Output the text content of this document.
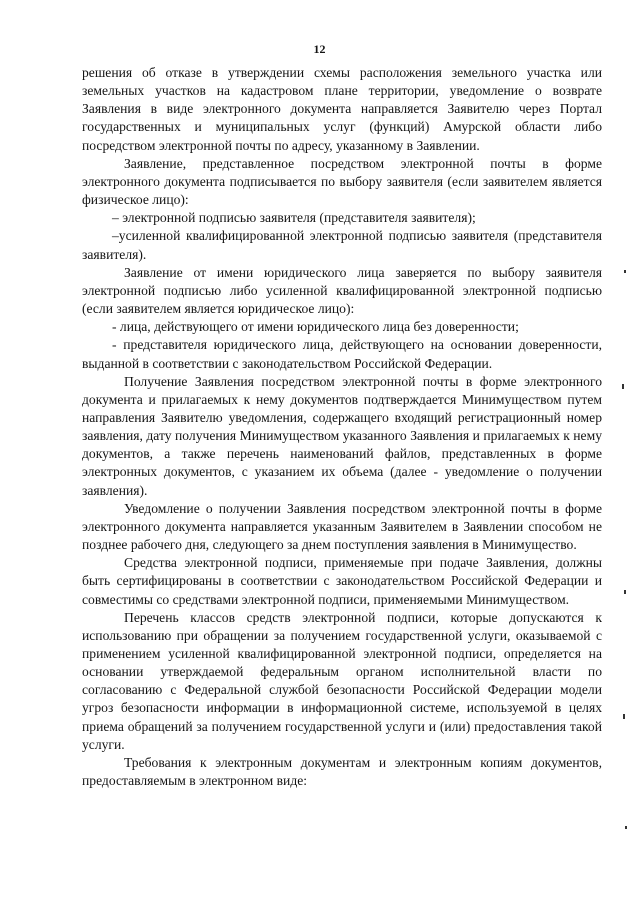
12

решения об отказе в утверждении схемы расположения земельного участка или земельных участков на кадастровом плане территории, уведомление о возврате Заявления в виде электронного документа направляется Заявителю через Портал государственных и муниципальных услуг (функций) Амурской области либо посредством электронной почты по адресу, указанному в Заявлении.

Заявление, представленное посредством электронной почты в форме электронного документа подписывается по выбору заявителя (если заявителем является физическое лицо):

– электронной подписью заявителя (представителя заявителя);

–усиленной квалифицированной электронной подписью заявителя (представителя заявителя).

Заявление от имени юридического лица заверяется по выбору заявителя электронной подписью либо усиленной квалифицированной электронной подписью (если заявителем является юридическое лицо):

- лица, действующего от имени юридического лица без доверенности;

- представителя юридического лица, действующего на основании доверенности, выданной в соответствии с законодательством Российской Федерации.

Получение Заявления посредством электронной почты в форме электронного документа и прилагаемых к нему документов подтверждается Минимуществом путем направления Заявителю уведомления, содержащего входящий регистрационный номер заявления, дату получения Минимуществом указанного Заявления и прилагаемых к нему документов, а также перечень наименований файлов, представленных в форме электронных документов, с указанием их объема (далее - уведомление о получении заявления).

Уведомление о получении Заявления посредством электронной почты в форме электронного документа направляется указанным Заявителем в Заявлении способом не позднее рабочего дня, следующего за днем поступления заявления в Минимущество.

Средства электронной подписи, применяемые при подаче Заявления, должны быть сертифицированы в соответствии с законодательством Российской Федерации и совместимы со средствами электронной подписи, применяемыми Минимуществом.

Перечень классов средств электронной подписи, которые допускаются к использованию при обращении за получением государственной услуги, оказываемой с применением усиленной квалифицированной электронной подписи, определяется на основании утверждаемой федеральным органом исполнительной власти по согласованию с Федеральной службой безопасности Российской Федерации модели угроз безопасности информации в информационной системе, используемой в целях приема обращений за получением государственной услуги и (или) предоставления такой услуги.

Требования к электронным документам и электронным копиям документов, предоставляемым в электронном виде:
